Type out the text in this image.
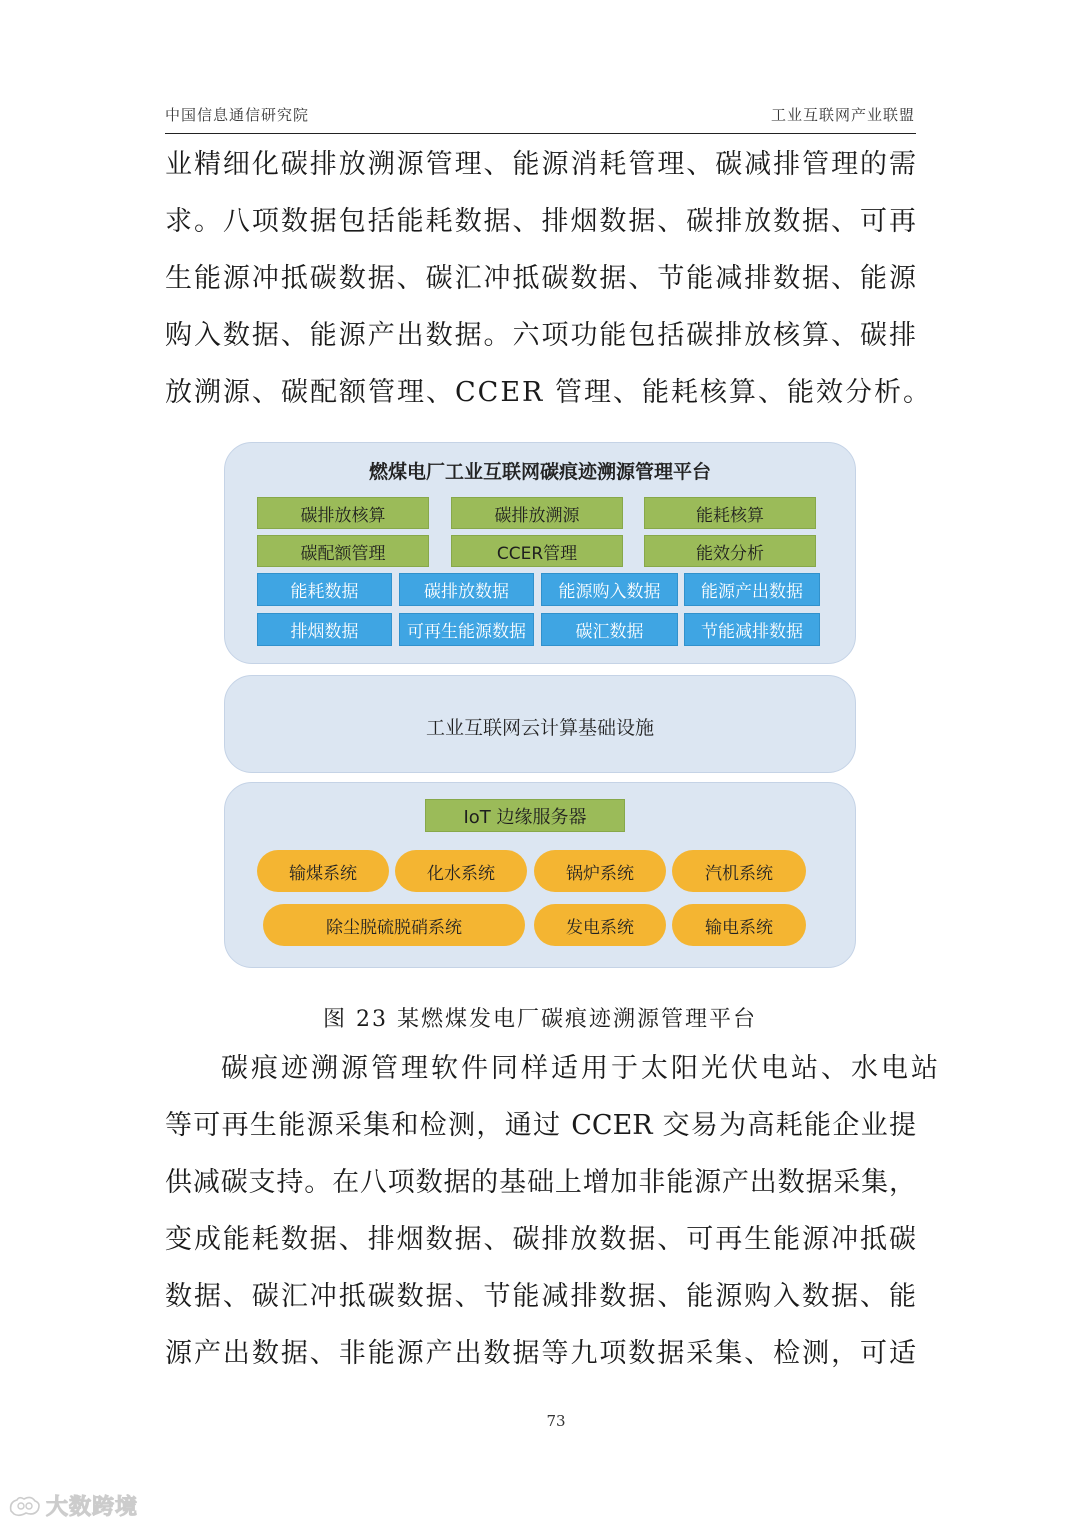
中国信息通信研究院	工业互联网产业联盟

业精细化碳排放溯源管理、能源消耗管理、碳减排管理的需
求。八项数据包括能耗数据、排烟数据、碳排放数据、可再
生能源冲抵碳数据、碳汇冲抵碳数据、节能减排数据、能源
购入数据、能源产出数据。六项功能包括碳排放核算、碳排
放溯源、碳配额管理、CCER 管理、能耗核算、能效分析。

燃煤电厂工业互联网碳痕迹溯源管理平台
碳排放核算	碳排放溯源	能耗核算
碳配额管理	CCER管理	能效分析
能耗数据	碳排放数据	能源购入数据	能源产出数据
排烟数据	可再生能源数据	碳汇数据	节能减排数据
工业互联网云计算基础设施
IoT 边缘服务器
输煤系统	化水系统	锅炉系统	汽机系统
除尘脱硫脱硝系统	发电系统	输电系统
图 23 某燃煤发电厂碳痕迹溯源管理平台

碳痕迹溯源管理软件同样适用于太阳光伏电站、水电站
等可再生能源采集和检测，通过 CCER 交易为高耗能企业提
供减碳支持。在八项数据的基础上增加非能源产出数据采集，
变成能耗数据、排烟数据、碳排放数据、可再生能源冲抵碳
数据、碳汇冲抵碳数据、节能减排数据、能源购入数据、能
源产出数据、非能源产出数据等九项数据采集、检测，可适

73
大数跨境
